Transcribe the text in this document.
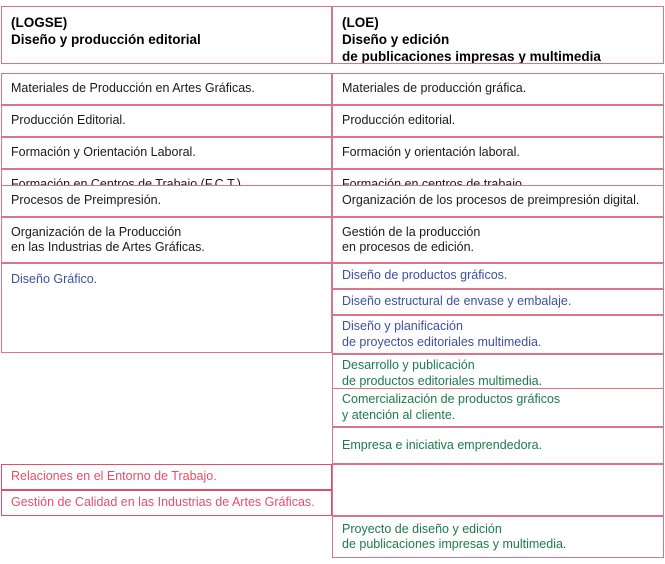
(LOGSE)
Diseño y producción editorial
(LOE)
Diseño y edición
de publicaciones impresas y multimedia
Materiales de Producción en Artes Gráficas.
Producción Editorial.
Formación y Orientación Laboral.
Procesos de Preimpresión.
Organización de la Producción
en las Industrias de Artes Gráficas.
Diseño Gráfico.
Relaciones en el Entorno de Trabajo.
Gestión de Calidad en las Industrias de Artes Gráficas.
Materiales de producción gráfica.
Producción editorial.
Formación y orientación laboral.
Organización de los procesos de preimpresión digital.
Gestión de la producción
en procesos de edición.
Diseño de productos gráficos.
Diseño estructural de envase y embalaje.
Diseño y planificación
de proyectos editoriales multimedia.
Desarrollo y publicación
de productos editoriales multimedia.
Comercialización de productos gráficos
y atención al cliente.
Empresa e iniciativa emprendedora.
Proyecto de diseño y edición
de publicaciones impresas y multimedia.
